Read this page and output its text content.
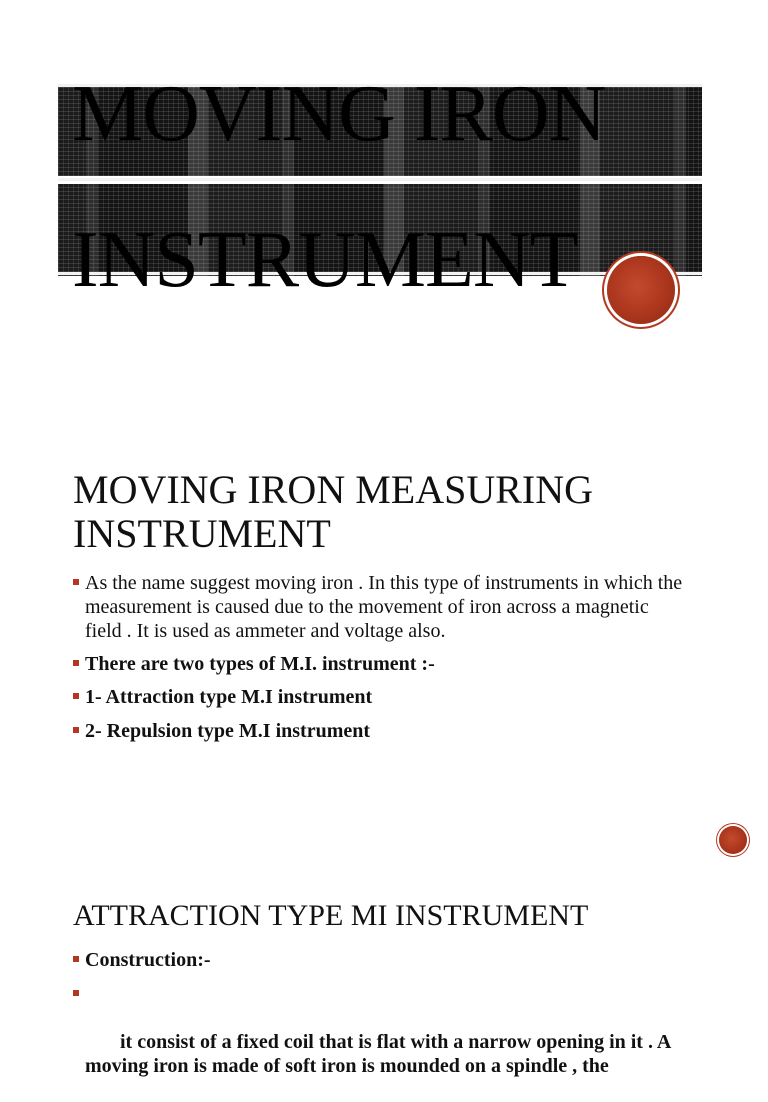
MOVING IRON
INSTRUMENT
MOVING IRON MEASURING INSTRUMENT
As the name suggest moving iron . In this type of instruments in which the measurement is caused due to the movement of iron across a magnetic field . It is used as ammeter and voltage also.
There are two types of M.I. instrument :-
1- Attraction type M.I instrument
2- Repulsion type M.I instrument
ATTRACTION TYPE MI INSTRUMENT
Construction:-

it consist of a fixed coil that is flat with a narrow opening in it . A moving iron is made of soft iron is mounded on a spindle , the
